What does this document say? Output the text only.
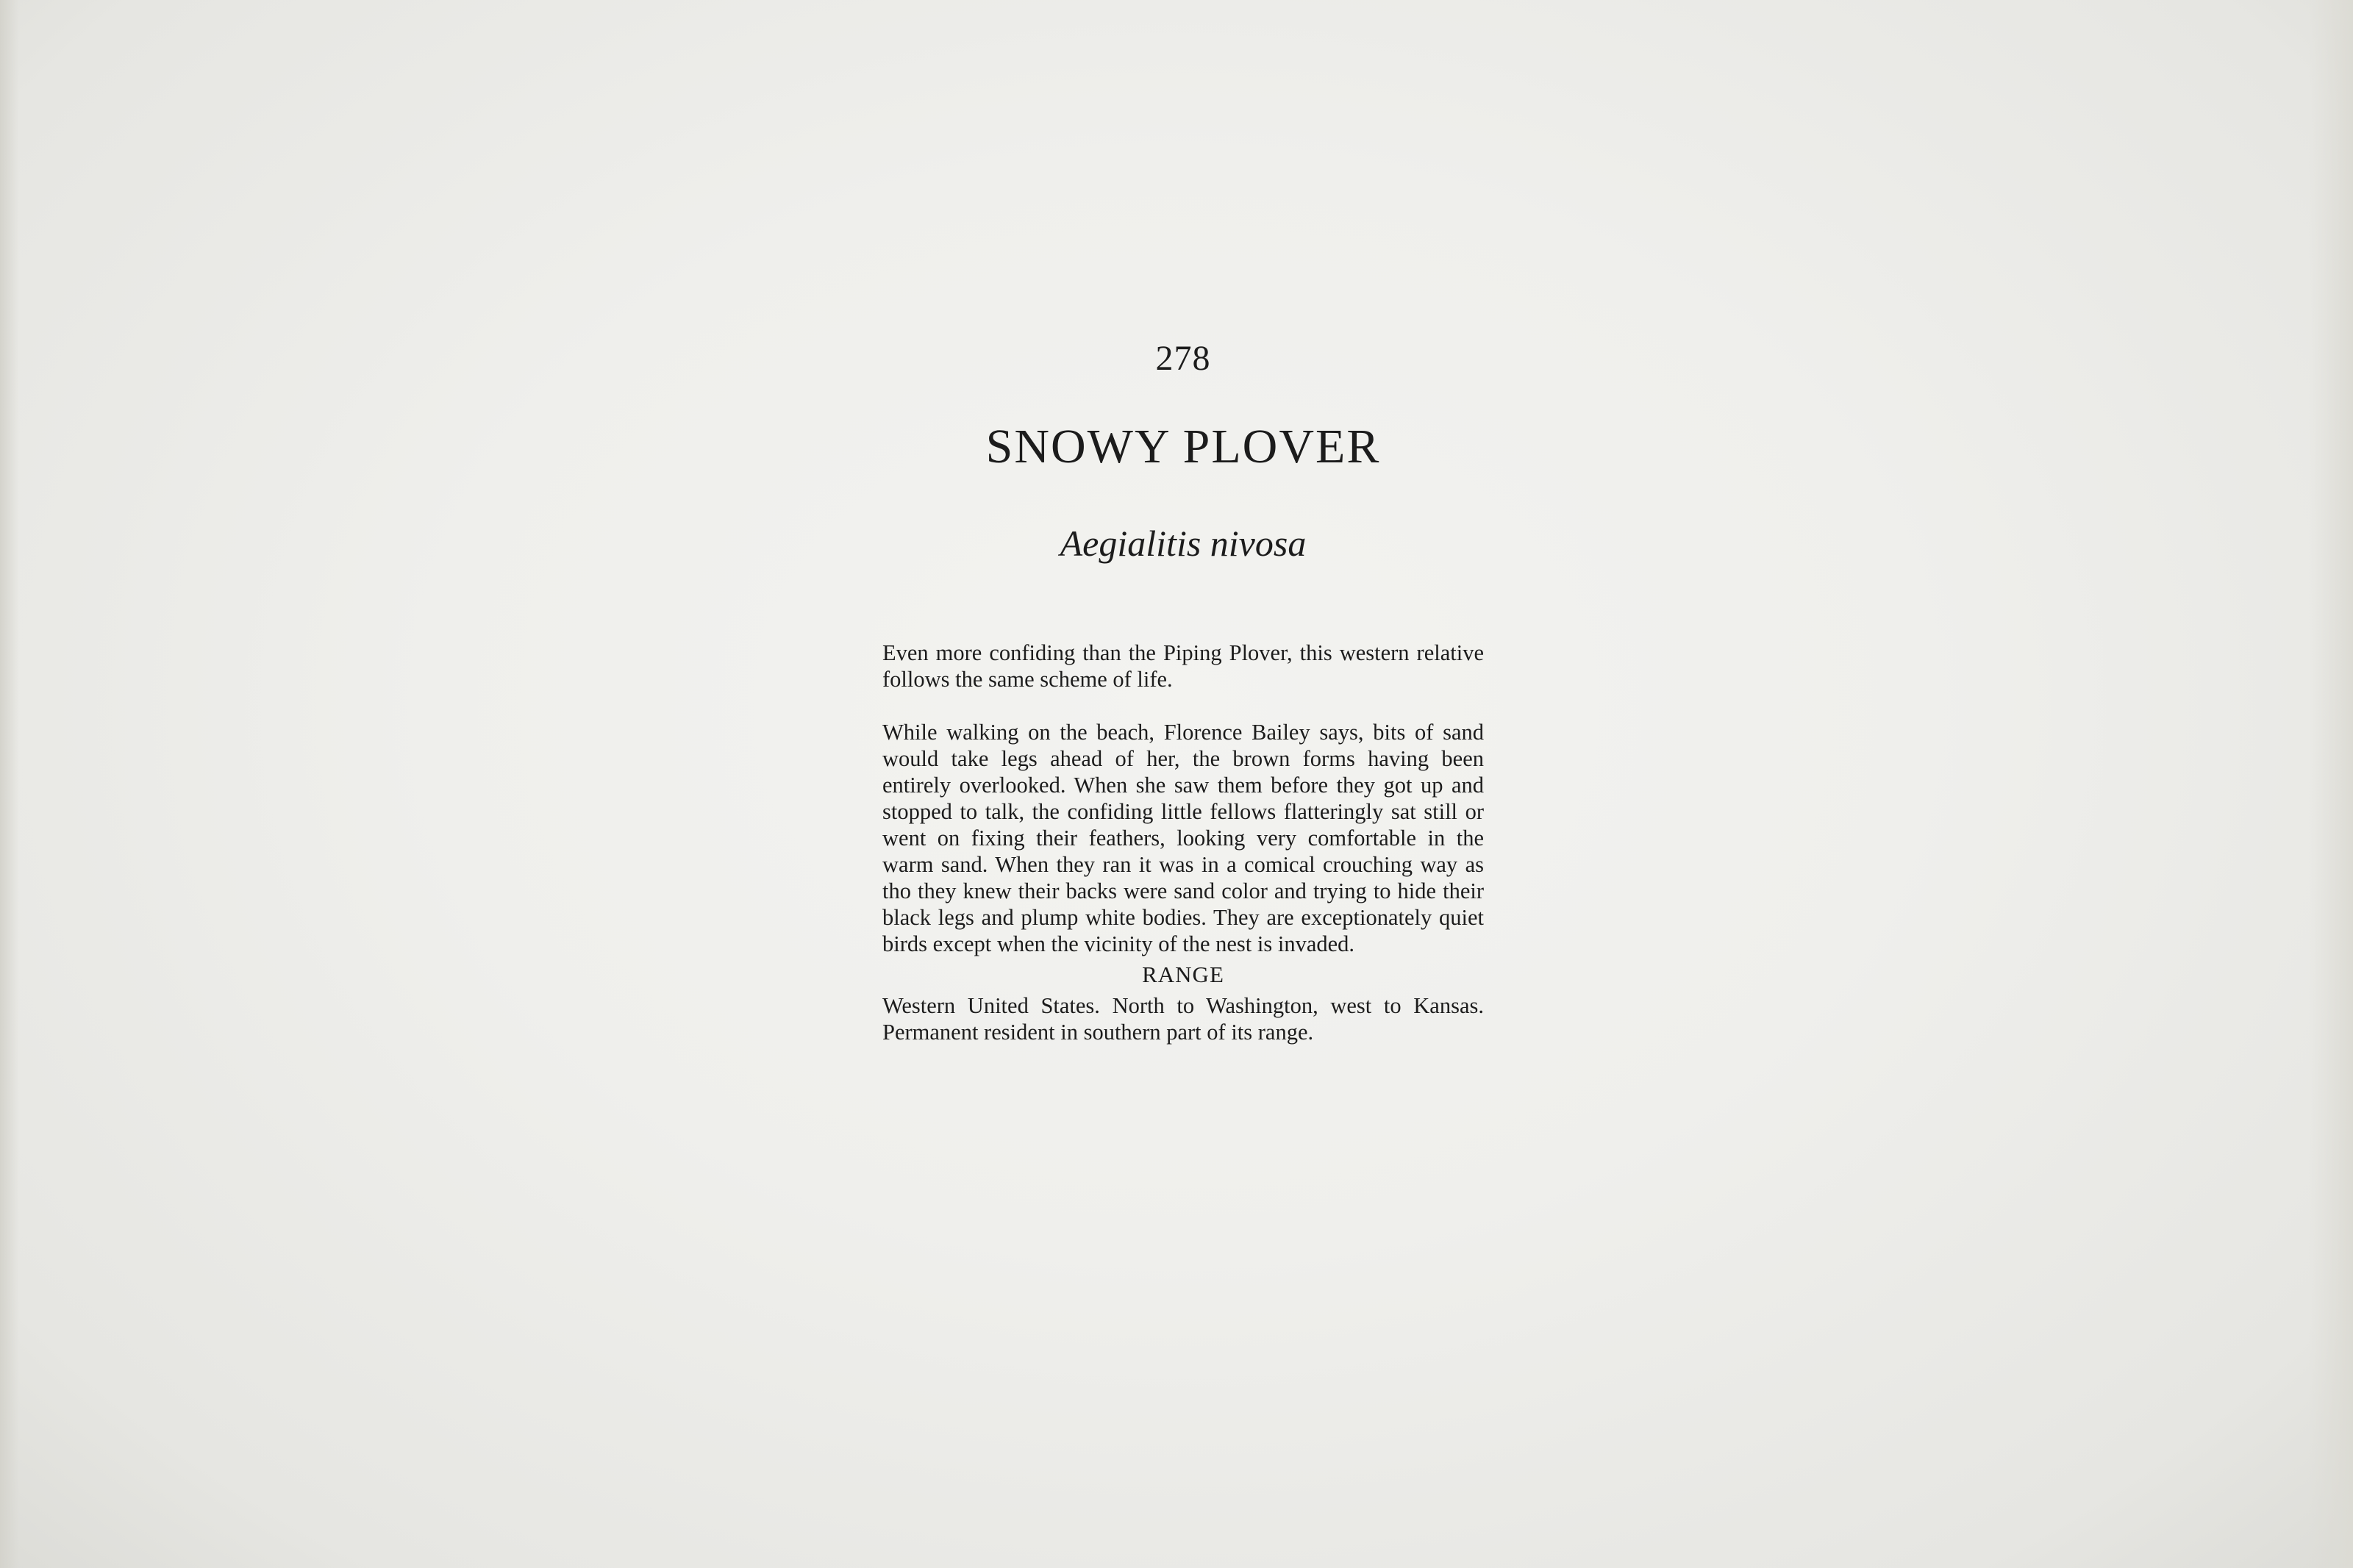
278
SNOWY PLOVER
Aegialitis nivosa

Even more confiding than the Piping Plover, this western relative follows the same scheme of life.

While walking on the beach, Florence Bailey says, bits of sand would take legs ahead of her, the brown forms having been entirely overlooked. When she saw them before they got up and stopped to talk, the confiding little fellows flatteringly sat still or went on fixing their feathers, looking very comfortable in the warm sand. When they ran it was in a comical crouching way as tho they knew their backs were sand color and trying to hide their black legs and plump white bodies. They are exceptionately quiet birds except when the vicinity of the nest is invaded.

RANGE

Western United States. North to Washington, west to Kansas. Permanent resident in southern part of its range.
